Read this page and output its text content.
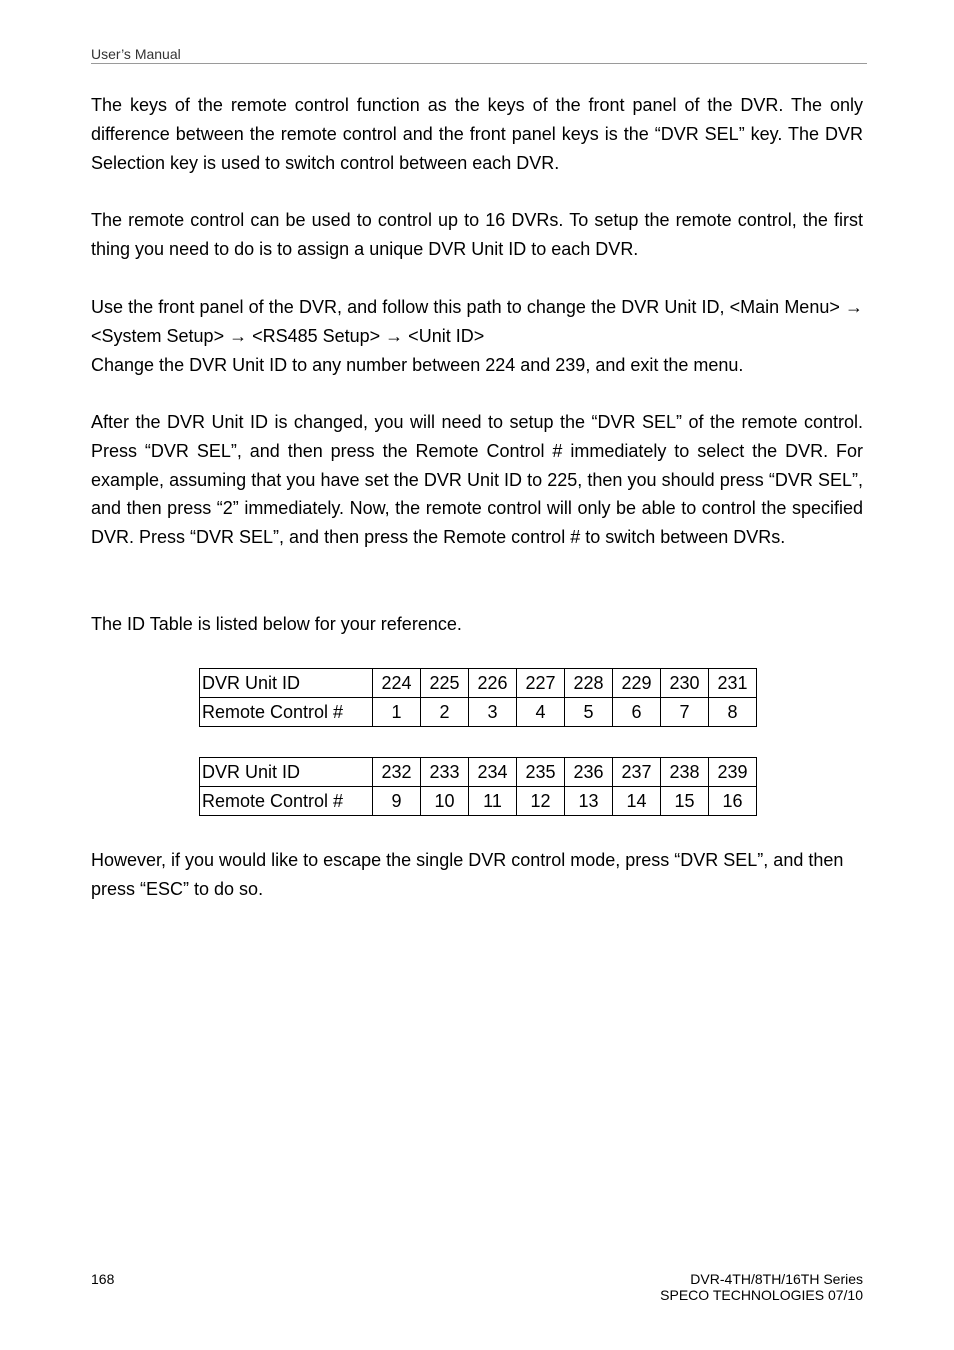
User’s Manual

The keys of the remote control function as the keys of the front panel of the DVR. The only difference between the remote control and the front panel keys is the “DVR SEL” key. The DVR Selection key is used to switch control between each DVR.

The remote control can be used to control up to 16 DVRs. To setup the remote control, the first thing you need to do is to assign a unique DVR Unit ID to each DVR.

Use the front panel of the DVR, and follow this path to change the DVR Unit ID, <Main Menu> → <System Setup> → <RS485 Setup> → <Unit ID>

Change the DVR Unit ID to any number between 224 and 239, and exit the menu.

After the DVR Unit ID is changed, you will need to setup the “DVR SEL” of the remote control. Press “DVR SEL”, and then press the Remote Control # immediately to select the DVR. For example, assuming that you have set the DVR Unit ID to 225, then you should press “DVR SEL”, and then press “2” immediately. Now, the remote control will only be able to control the specified DVR. Press “DVR SEL”, and then press the Remote control # to switch between DVRs.

The ID Table is listed below for your reference.

DVR Unit ID	224	225	226	227	228	229	230	231
Remote Control #	1	2	3	4	5	6	7	8
DVR Unit ID	232	233	234	235	236	237	238	239
Remote Control #	9	10	11	12	13	14	15	16

However, if you would like to escape the single DVR control mode, press “DVR SEL”, and then press “ESC” to do so.

168	DVR-4TH/8TH/16TH Series
SPECO TECHNOLOGIES 07/10
